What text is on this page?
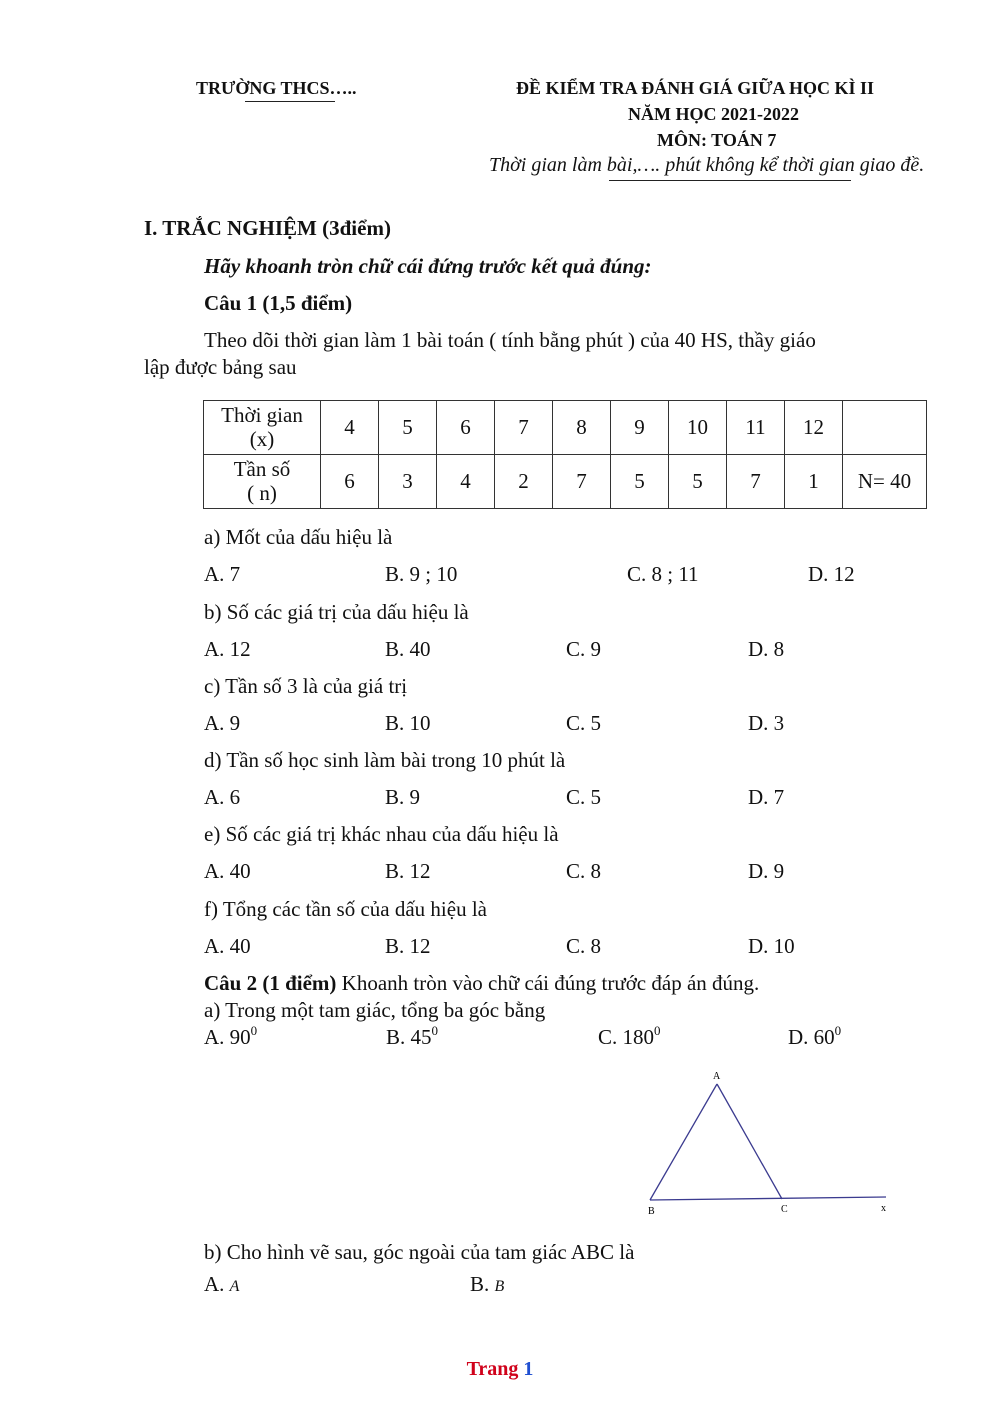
TRƯỜNG THCS…..	ĐỀ KIỂM TRA ĐÁNH GIÁ GIỮA HỌC KÌ II
NĂM HỌC 2021-2022
MÔN: TOÁN 7
Thời gian làm bài,…. phút không kể thời gian giao đề.
I. TRẮC NGHIỆM (3điểm)
Hãy khoanh tròn chữ cái đứng trước kết quả đúng:
Câu 1 (1,5 điểm)
Theo dõi thời gian làm 1 bài toán ( tính bằng phút ) của 40 HS, thầy giáo
lập được bảng sau
Thời gian
(x)	4	5	6	7	8	9	10	11	12	

Tần số
( n)	6	3	4	2	7	5	5	7	1	N= 40
a) Mốt của dấu hiệu là
A. 7	B. 9 ; 10	C. 8 ; 11	D. 12
b) Số các giá trị của dấu hiệu là
A. 12	B. 40	C. 9	D. 8
c) Tần số 3 là của giá trị
A. 9	B. 10	C. 5	D. 3
d) Tần số học sinh làm bài trong 10 phút là
A. 6	B. 9	C. 5	D. 7
e) Số các giá trị khác nhau của dấu hiệu là
A. 40	B. 12	C. 8	D. 9
f) Tổng các tần số của dấu hiệu là
A. 40	B. 12	C. 8	D. 10
Câu 2 (1 điểm) Khoanh tròn vào chữ cái đúng trước đáp án đúng.
a) Trong một tam giác, tổng ba góc bằng
A. $90^0$	B. $45^0$	C. $180^0$	D. $60^0$
A
B	C	x
b) Cho hình vẽ sau, góc ngoài của tam giác ABC là
A. A	B. B
Trang 1
